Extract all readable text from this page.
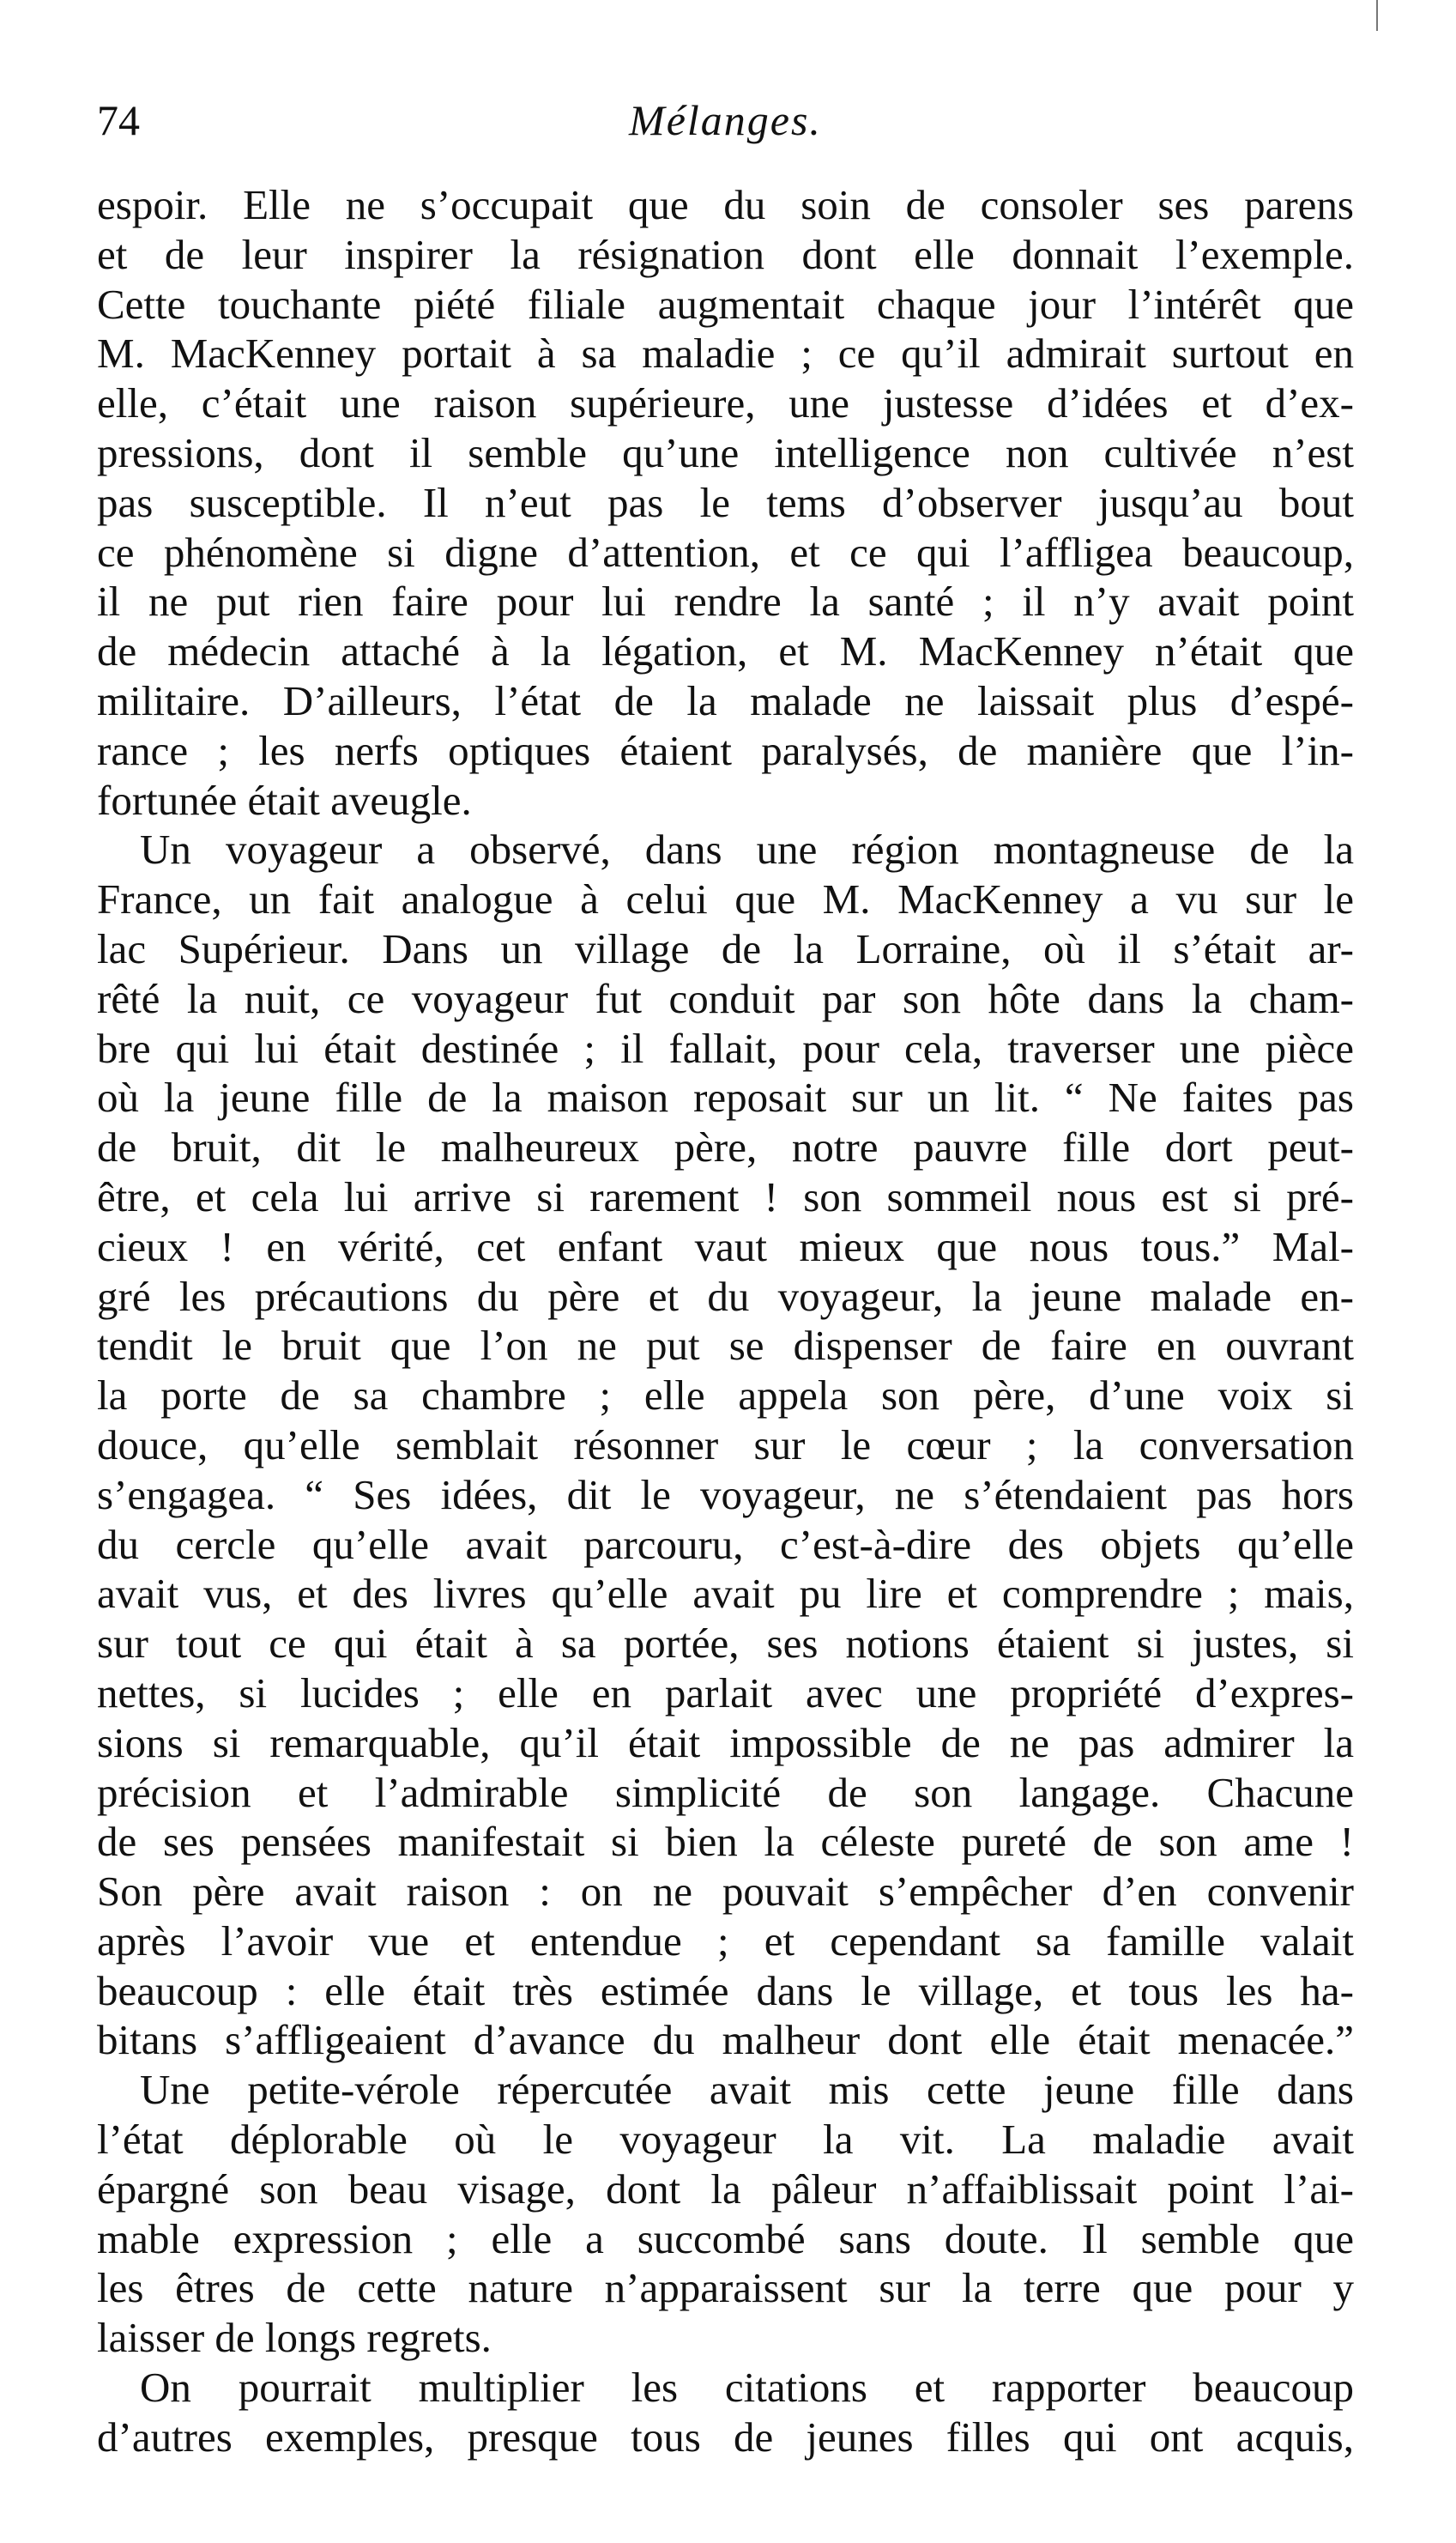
74	Mélanges.
espoir. Elle ne s’occupait que du soin de consoler ses parens
et de leur inspirer la résignation dont elle donnait l’exemple.
Cette touchante piété filiale augmentait chaque jour l’intérêt que
M. MacKenney portait à sa maladie ; ce qu’il admirait surtout en
elle, c’était une raison supérieure, une justesse d’idées et d’ex-
pressions, dont il semble qu’une intelligence non cultivée n’est
pas susceptible. Il n’eut pas le tems d’observer jusqu’au bout
ce phénomène si digne d’attention, et ce qui l’affligea beaucoup,
il ne put rien faire pour lui rendre la santé ; il n’y avait point
de médecin attaché à la légation, et M. MacKenney n’était que
militaire. D’ailleurs, l’état de la malade ne laissait plus d’espé-
rance ; les nerfs optiques étaient paralysés, de manière que l’in-
fortunée était aveugle.
Un voyageur a observé, dans une région montagneuse de la
France, un fait analogue à celui que M. MacKenney a vu sur le
lac Supérieur. Dans un village de la Lorraine, où il s’était ar-
rêté la nuit, ce voyageur fut conduit par son hôte dans la cham-
bre qui lui était destinée ; il fallait, pour cela, traverser une pièce
où la jeune fille de la maison reposait sur un lit. “ Ne faites pas
de bruit, dit le malheureux père, notre pauvre fille dort peut-
être, et cela lui arrive si rarement ! son sommeil nous est si pré-
cieux ! en vérité, cet enfant vaut mieux que nous tous.” Mal-
gré les précautions du père et du voyageur, la jeune malade en-
tendit le bruit que l’on ne put se dispenser de faire en ouvrant
la porte de sa chambre ; elle appela son père, d’une voix si
douce, qu’elle semblait résonner sur le cœur ; la conversation
s’engagea. “ Ses idées, dit le voyageur, ne s’étendaient pas hors
du cercle qu’elle avait parcouru, c’est-à-dire des objets qu’elle
avait vus, et des livres qu’elle avait pu lire et comprendre ; mais,
sur tout ce qui était à sa portée, ses notions étaient si justes, si
nettes, si lucides ; elle en parlait avec une propriété d’expres-
sions si remarquable, qu’il était impossible de ne pas admirer la
précision et l’admirable simplicité de son langage. Chacune
de ses pensées manifestait si bien la céleste pureté de son ame !
Son père avait raison : on ne pouvait s’empêcher d’en convenir
après l’avoir vue et entendue ; et cependant sa famille valait
beaucoup : elle était très estimée dans le village, et tous les ha-
bitans s’affligeaient d’avance du malheur dont elle était menacée.”
Une petite-vérole répercutée avait mis cette jeune fille dans
l’état déplorable où le voyageur la vit. La maladie avait
épargné son beau visage, dont la pâleur n’affaiblissait point l’ai-
mable expression ; elle a succombé sans doute. Il semble que
les êtres de cette nature n’apparaissent sur la terre que pour y
laisser de longs regrets.
On pourrait multiplier les citations et rapporter beaucoup
d’autres exemples, presque tous de jeunes filles qui ont acquis,
